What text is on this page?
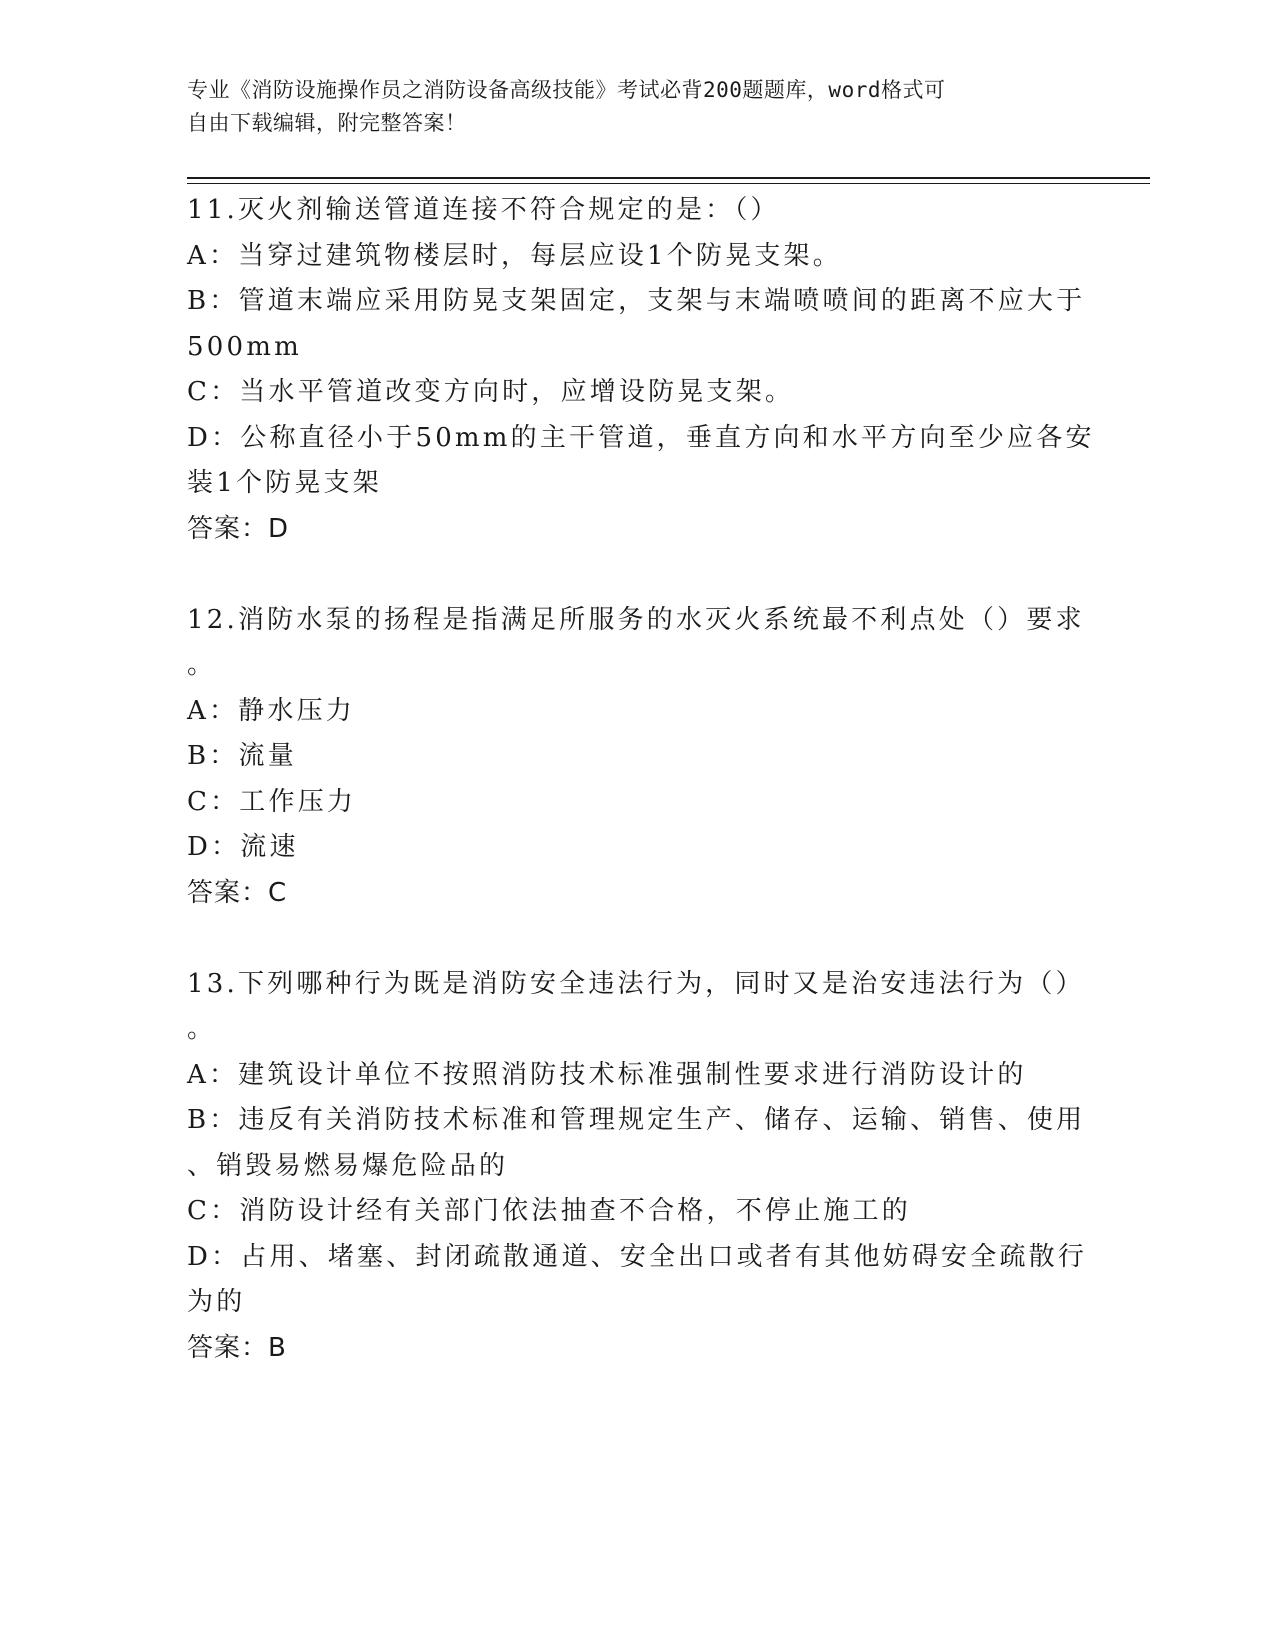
专业《消防设施操作员之消防设备高级技能》考试必背200题题库，word格式可
自由下载编辑，附完整答案！
11.灭火剂输送管道连接不符合规定的是：（）
A：当穿过建筑物楼层时，每层应设1个防晃支架。
B：管道末端应采用防晃支架固定，支架与末端喷喷间的距离不应大于
500mm
C：当水平管道改变方向时，应增设防晃支架。
D：公称直径小于50mm的主干管道，垂直方向和水平方向至少应各安
装1个防晃支架
答案：D
12.消防水泵的扬程是指满足所服务的水灭火系统最不利点处（）要求
。
A：静水压力
B：流量
C：工作压力
D：流速
答案：C
13.下列哪种行为既是消防安全违法行为，同时又是治安违法行为（）
。
A：建筑设计单位不按照消防技术标准强制性要求进行消防设计的
B：违反有关消防技术标准和管理规定生产、储存、运输、销售、使用
、销毁易燃易爆危险品的
C：消防设计经有关部门依法抽查不合格，不停止施工的
D：占用、堵塞、封闭疏散通道、安全出口或者有其他妨碍安全疏散行
为的
答案：B
